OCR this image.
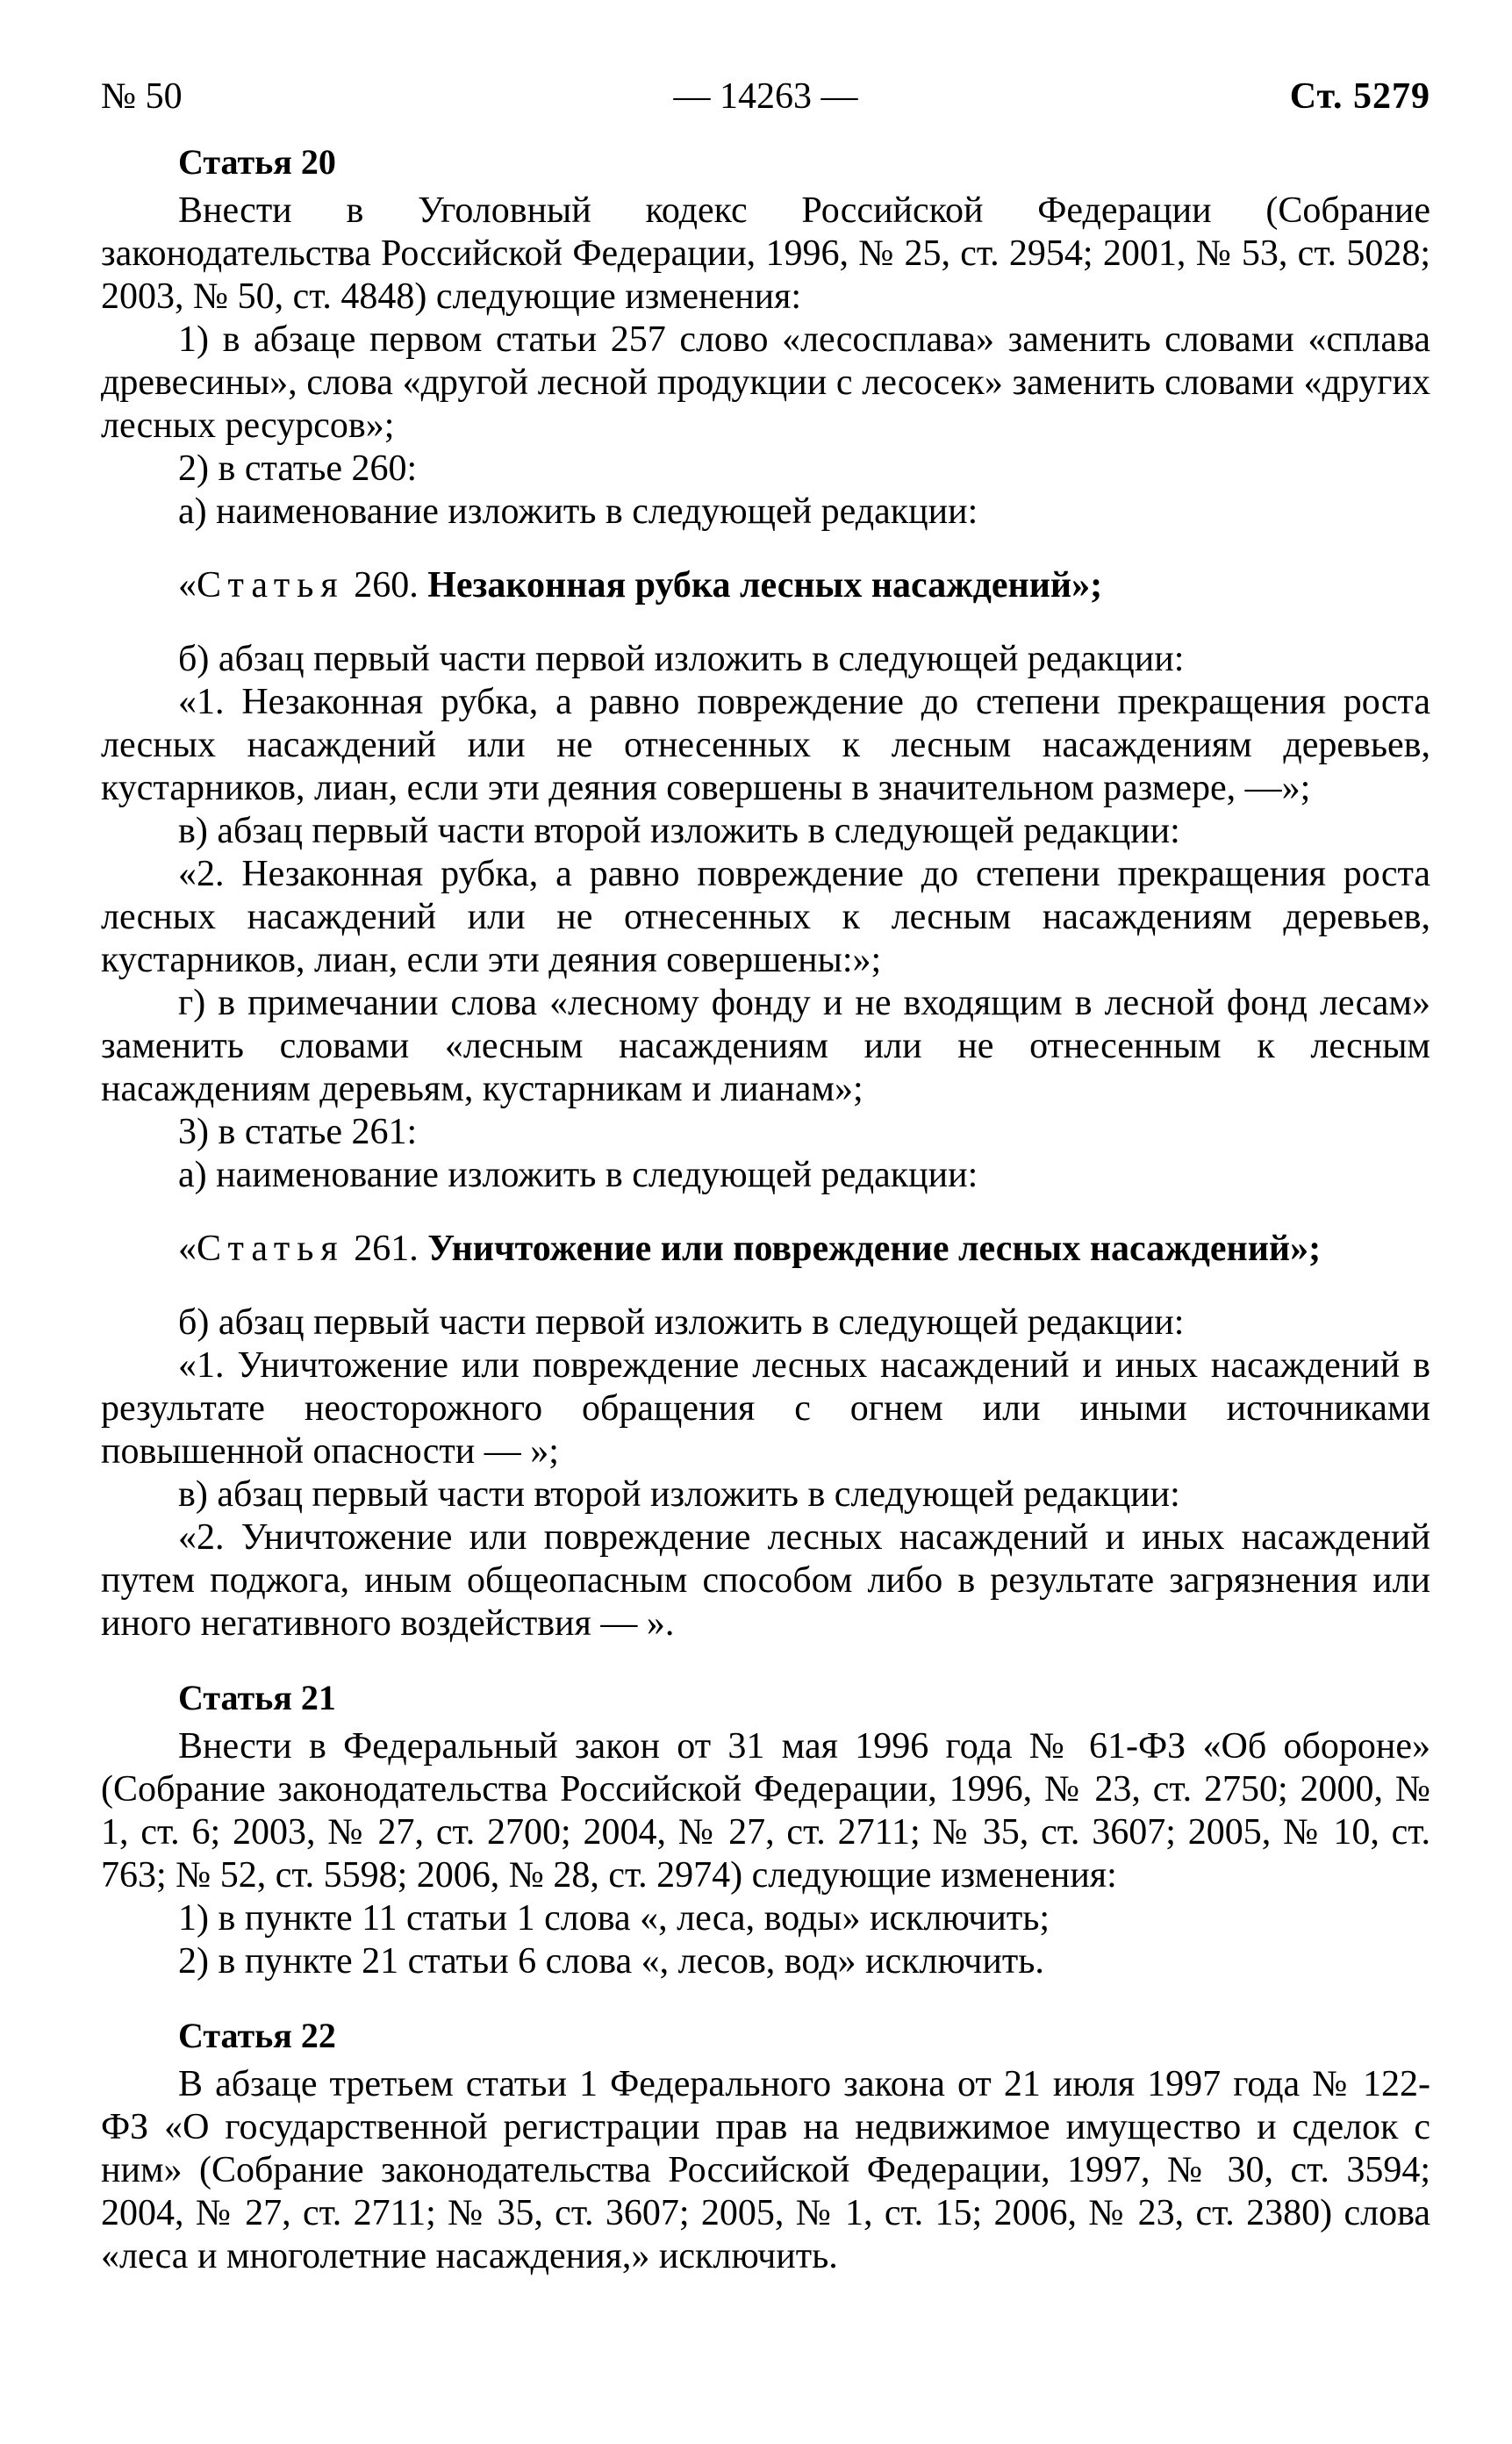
№ 50	— 14263 —	Ст. 5279
Статья 20

Внести в Уголовный кодекс Российской Федерации (Собрание законодательства Российской Федерации, 1996, № 25, ст. 2954; 2001, № 53, ст. 5028; 2003, № 50, ст. 4848) следующие изменения:

1) в абзаце первом статьи 257 слово «лесосплава» заменить словами «сплава древесины», слова «другой лесной продукции с лесосек» заменить словами «других лесных ресурсов»;

2) в статье 260:

а) наименование изложить в следующей редакции:

«Статья 260. Незаконная рубка лесных насаждений»;

б) абзац первый части первой изложить в следующей редакции:

«1. Незаконная рубка, а равно повреждение до степени прекращения роста лесных насаждений или не отнесенных к лесным насаждениям деревьев, кустарников, лиан, если эти деяния совершены в значительном размере, —»;

в) абзац первый части второй изложить в следующей редакции:

«2. Незаконная рубка, а равно повреждение до степени прекращения роста лесных насаждений или не отнесенных к лесным насаждениям деревьев, кустарников, лиан, если эти деяния совершены:»;

г) в примечании слова «лесному фонду и не входящим в лесной фонд лесам» заменить словами «лесным насаждениям или не отнесенным к лесным насаждениям деревьям, кустарникам и лианам»;

3) в статье 261:

а) наименование изложить в следующей редакции:

«Статья 261. Уничтожение или повреждение лесных насаждений»;

б) абзац первый части первой изложить в следующей редакции:

«1. Уничтожение или повреждение лесных насаждений и иных насаждений в результате неосторожного обращения с огнем или иными источниками повышенной опасности — »;

в) абзац первый части второй изложить в следующей редакции:

«2. Уничтожение или повреждение лесных насаждений и иных насаждений путем поджога, иным общеопасным способом либо в результате загрязнения или иного негативного воздействия — ».

Статья 21

Внести в Федеральный закон от 31 мая 1996 года № 61-ФЗ «Об обороне» (Собрание законодательства Российской Федерации, 1996, № 23, ст. 2750; 2000, № 1, ст. 6; 2003, № 27, ст. 2700; 2004, № 27, ст. 2711; № 35, ст. 3607; 2005, № 10, ст. 763; № 52, ст. 5598; 2006, № 28, ст. 2974) следующие изменения:

1) в пункте 11 статьи 1 слова «, леса, воды» исключить;

2) в пункте 21 статьи 6 слова «, лесов, вод» исключить.

Статья 22

В абзаце третьем статьи 1 Федерального закона от 21 июля 1997 года № 122-ФЗ «О государственной регистрации прав на недвижимое имущество и сделок с ним» (Собрание законодательства Российской Федерации, 1997, № 30, ст. 3594; 2004, № 27, ст. 2711; № 35, ст. 3607; 2005, № 1, ст. 15; 2006, № 23, ст. 2380) слова «леса и многолетние насаждения,» исключить.
